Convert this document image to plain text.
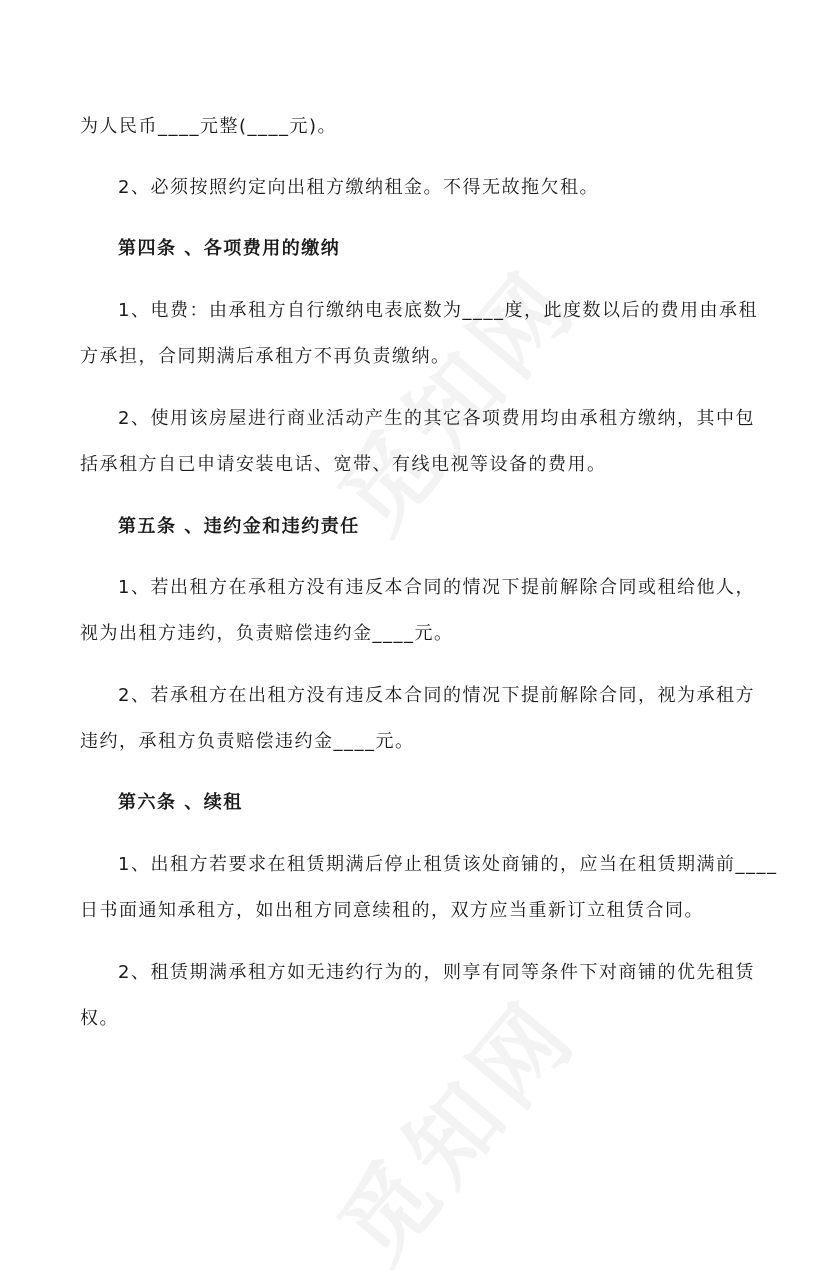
为人民币____元整(____元)。
2、必须按照约定向出租方缴纳租金。不得无故拖欠租。
第四条 、各项费用的缴纳
1、电费：由承租方自行缴纳电表底数为____度，此度数以后的费用由承租
方承担，合同期满后承租方不再负责缴纳。
2、使用该房屋进行商业活动产生的其它各项费用均由承租方缴纳，其中包
括承租方自已申请安装电话、宽带、有线电视等设备的费用。
第五条 、违约金和违约责任
1、若出租方在承租方没有违反本合同的情况下提前解除合同或租给他人，
视为出租方违约，负责赔偿违约金____元。
2、若承租方在出租方没有违反本合同的情况下提前解除合同，视为承租方
违约，承租方负责赔偿违约金____元。
第六条 、续租
1、出租方若要求在租赁期满后停止租赁该处商铺的，应当在租赁期满前____
日书面通知承租方，如出租方同意续租的，双方应当重新订立租赁合同。
2、租赁期满承租方如无违约行为的，则享有同等条件下对商铺的优先租赁
权。
